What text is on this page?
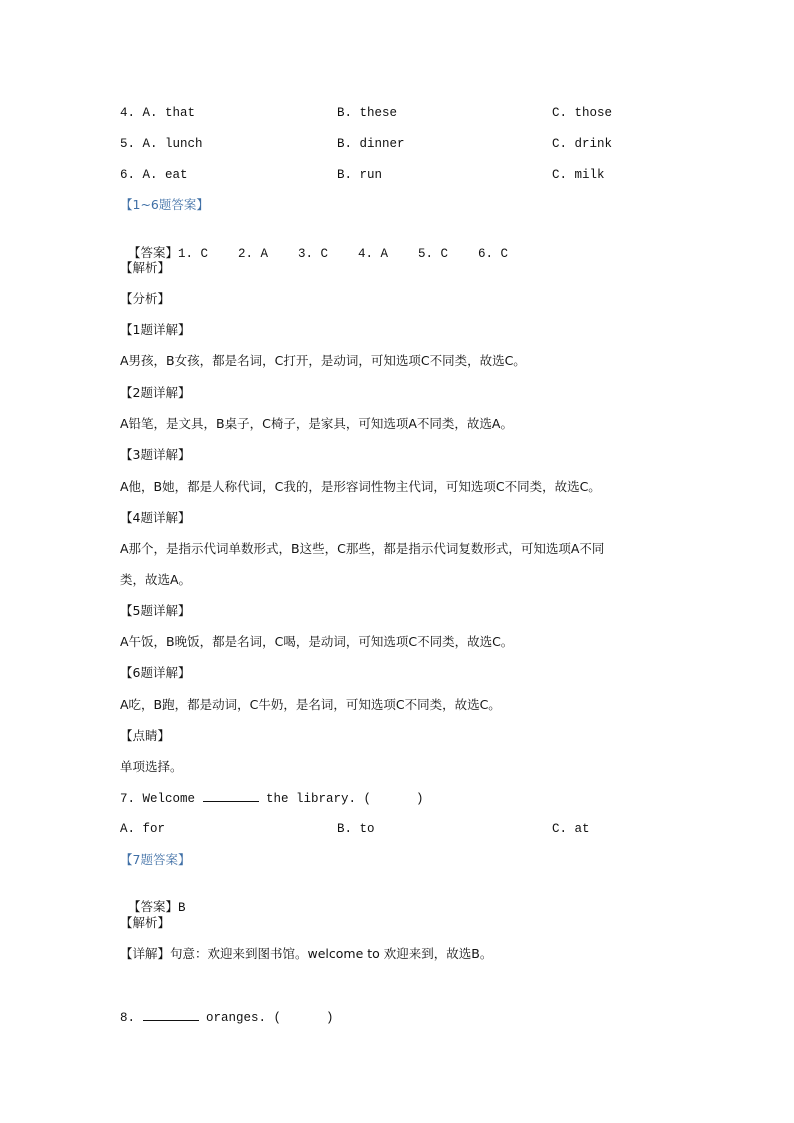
4. A. that	B. these	C. those
5. A. lunch	B. dinner	C. drink
6. A. eat	B. run	C. milk
【1~6题答案】

【答案】1. C    2. A    3. C    4. A    5. C    6. C

【解析】
【分析】
【1题详解】
A男孩，B女孩，都是名词，C打开，是动词，可知选项C不同类，故选C。
【2题详解】
A铅笔，是文具，B桌子，C椅子，是家具，可知选项A不同类，故选A。
【3题详解】
A他，B她，都是人称代词，C我的，是形容词性物主代词，可知选项C不同类，故选C。
【4题详解】
A那个，是指示代词单数形式，B这些，C那些，都是指示代词复数形式，可知选项A不同
类，故选A。
【5题详解】
A午饭，B晚饭，都是名词，C喝，是动词，可知选项C不同类，故选C。
【6题详解】
A吃，B跑，都是动词，C牛奶，是名词，可知选项C不同类，故选C。
【点睛】
单项选择。
7. Welcome	the library. (      )
A. for	B. to	C. at
【7题答案】

【答案】B

【解析】
【详解】句意：欢迎来到图书馆。welcome to 欢迎来到，故选B。
8.	oranges. (      )
